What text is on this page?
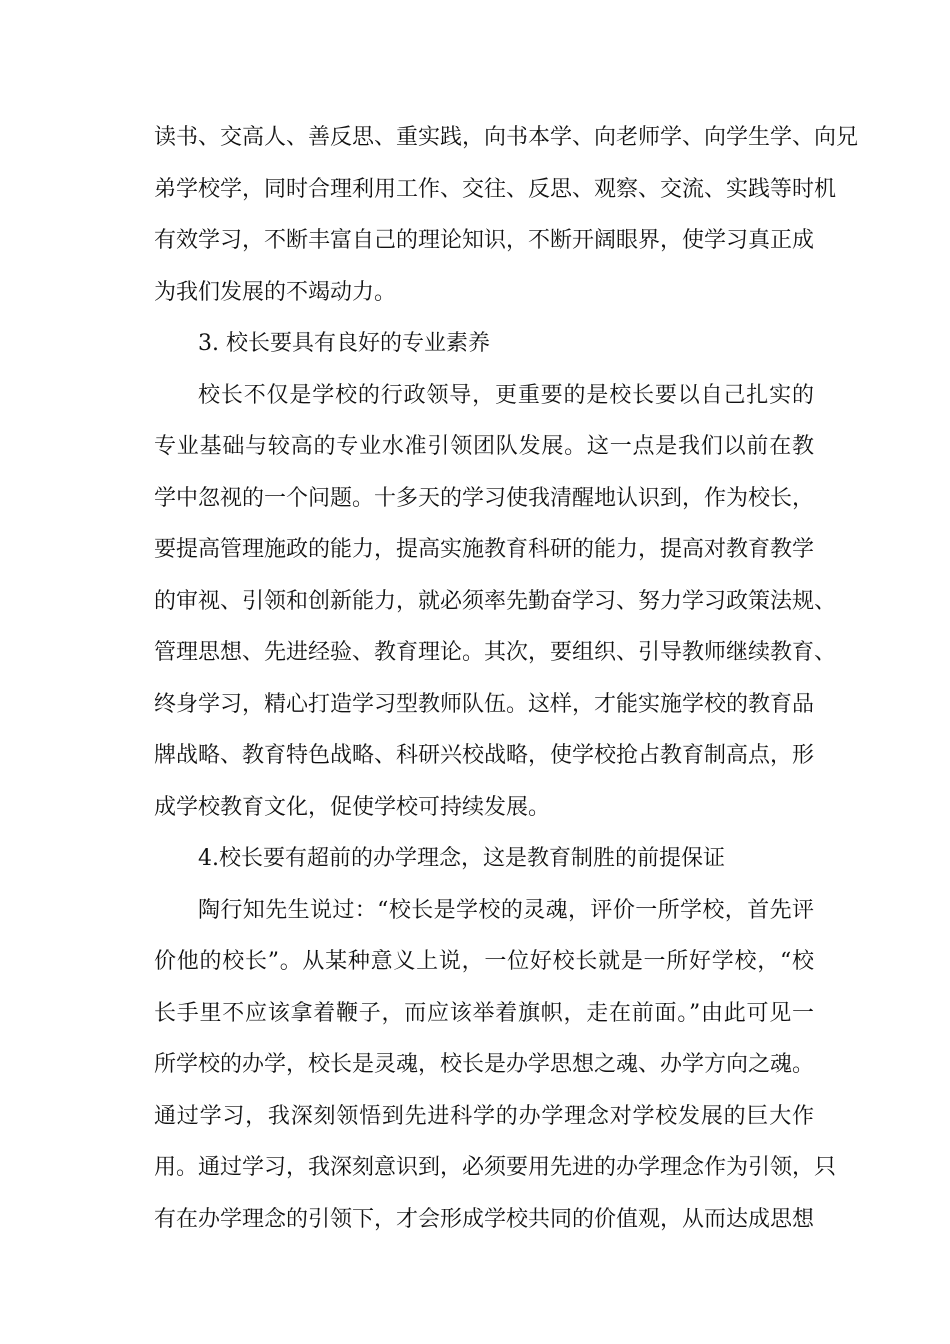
读书、交高人、善反思、重实践，向书本学、向老师学、向学生学、向兄
弟学校学，同时合理利用工作、交往、反思、观察、交流、实践等时机
有效学习，不断丰富自己的理论知识，不断开阔眼界，使学习真正成
为我们发展的不竭动力。
3. 校长要具有良好的专业素养
校长不仅是学校的行政领导，更重要的是校长要以自己扎实的
专业基础与较高的专业水准引领团队发展。这一点是我们以前在教
学中忽视的一个问题。十多天的学习使我清醒地认识到，作为校长，
要提高管理施政的能力，提高实施教育科研的能力，提高对教育教学
的审视、引领和创新能力，就必须率先勤奋学习、努力学习政策法规、
管理思想、先进经验、教育理论。其次，要组织、引导教师继续教育、
终身学习，精心打造学习型教师队伍。这样，才能实施学校的教育品
牌战略、教育特色战略、科研兴校战略，使学校抢占教育制高点，形
成学校教育文化，促使学校可持续发展。
4.校长要有超前的办学理念，这是教育制胜的前提保证
陶行知先生说过：“校长是学校的灵魂，评价一所学校，首先评
价他的校长”。从某种意义上说，一位好校长就是一所好学校，“校
长手里不应该拿着鞭子，而应该举着旗帜，走在前面。”由此可见一
所学校的办学，校长是灵魂，校长是办学思想之魂、办学方向之魂。
通过学习，我深刻领悟到先进科学的办学理念对学校发展的巨大作
用。通过学习，我深刻意识到，必须要用先进的办学理念作为引领，只
有在办学理念的引领下，才会形成学校共同的价值观，从而达成思想
